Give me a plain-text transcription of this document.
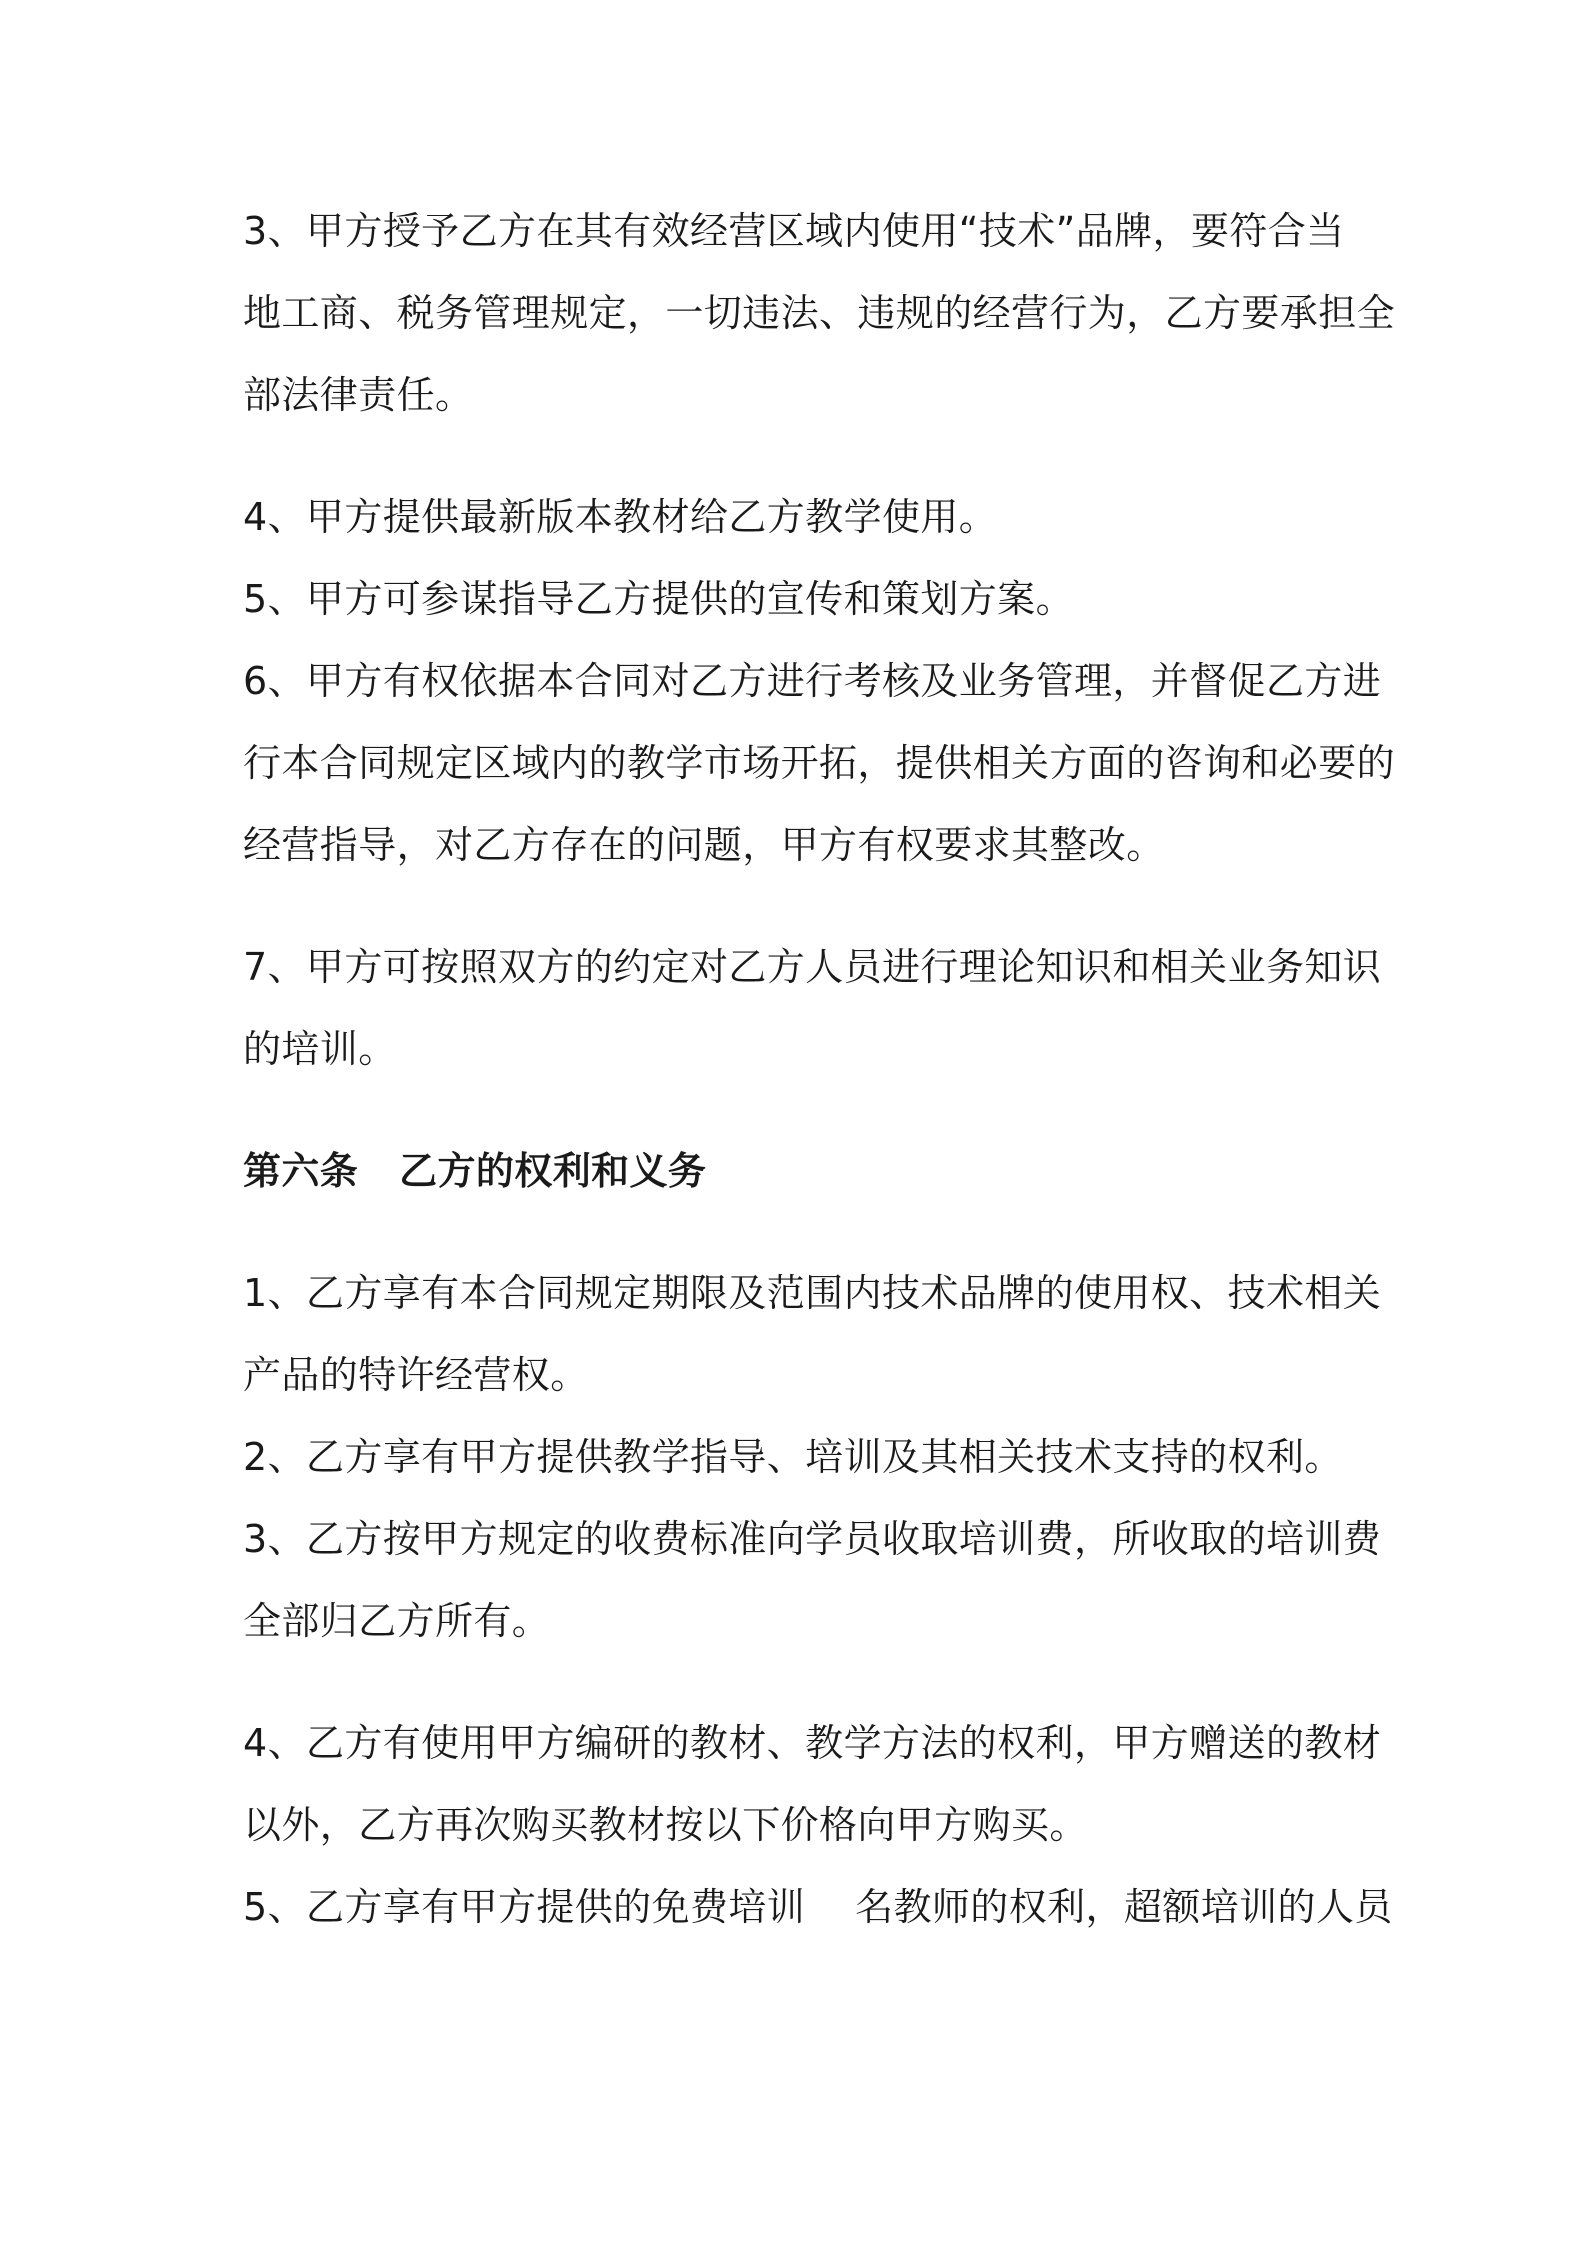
3、甲方授予乙方在其有效经营区域内使用“技术”品牌，要符合当
地工商、税务管理规定，一切违法、违规的经营行为，乙方要承担全
部法律责任。
4、甲方提供最新版本教材给乙方教学使用。
5、甲方可参谋指导乙方提供的宣传和策划方案。
6、甲方有权依据本合同对乙方进行考核及业务管理，并督促乙方进
行本合同规定区域内的教学市场开拓，提供相关方面的咨询和必要的
经营指导，对乙方存在的问题，甲方有权要求其整改。
7、甲方可按照双方的约定对乙方人员进行理论知识和相关业务知识
的培训。
第六条   乙方的权利和义务
1、乙方享有本合同规定期限及范围内技术品牌的使用权、技术相关
产品的特许经营权。
2、乙方享有甲方提供教学指导、培训及其相关技术支持的权利。
3、乙方按甲方规定的收费标准向学员收取培训费，所收取的培训费
全部归乙方所有。
4、乙方有使用甲方编研的教材、教学方法的权利，甲方赠送的教材
以外，乙方再次购买教材按以下价格向甲方购买。
5、乙方享有甲方提供的免费培训    名教师的权利，超额培训的人员
